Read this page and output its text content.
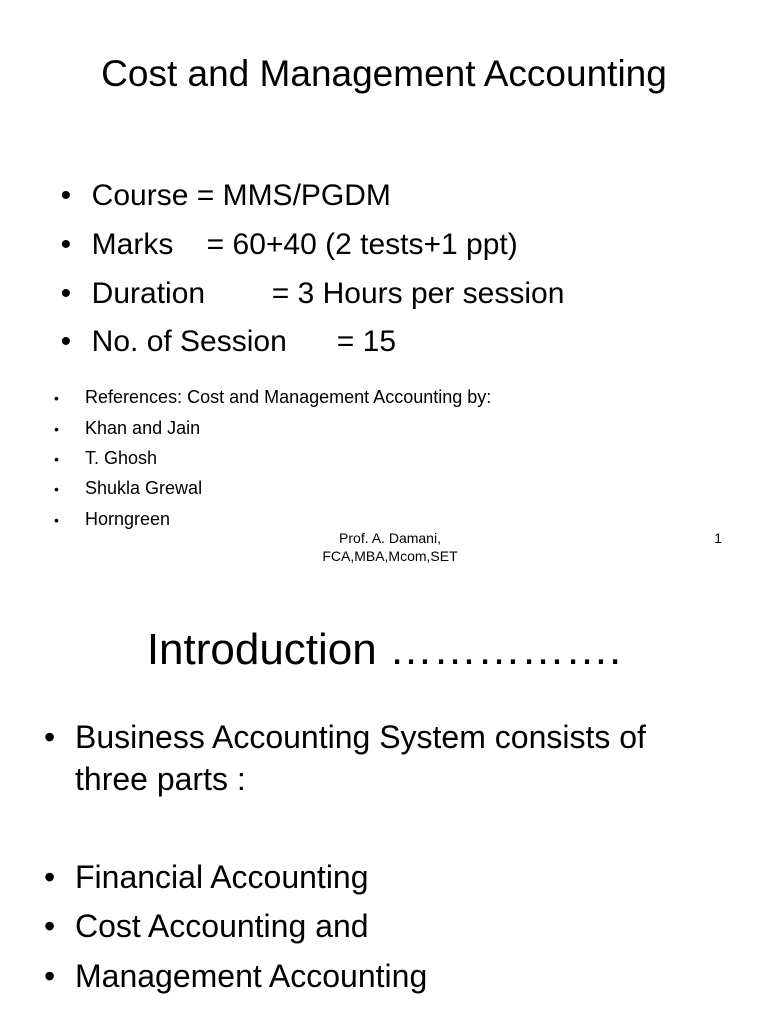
Cost and Management Accounting

• Course = MMS/PGDM

• Marks    = 60+40 (2 tests+1 ppt)

• Duration        = 3 Hours per session

• No. of Session      = 15

• References: Cost and Management Accounting by:

• Khan and Jain

• T. Ghosh

• Shukla Grewal

• Horngreen

Prof. A. Damani,
FCA,MBA,Mcom,SET
1
Introduction …………….
• Business Accounting System consists of three parts :
• Financial Accounting
• Cost Accounting and
• Management Accounting
